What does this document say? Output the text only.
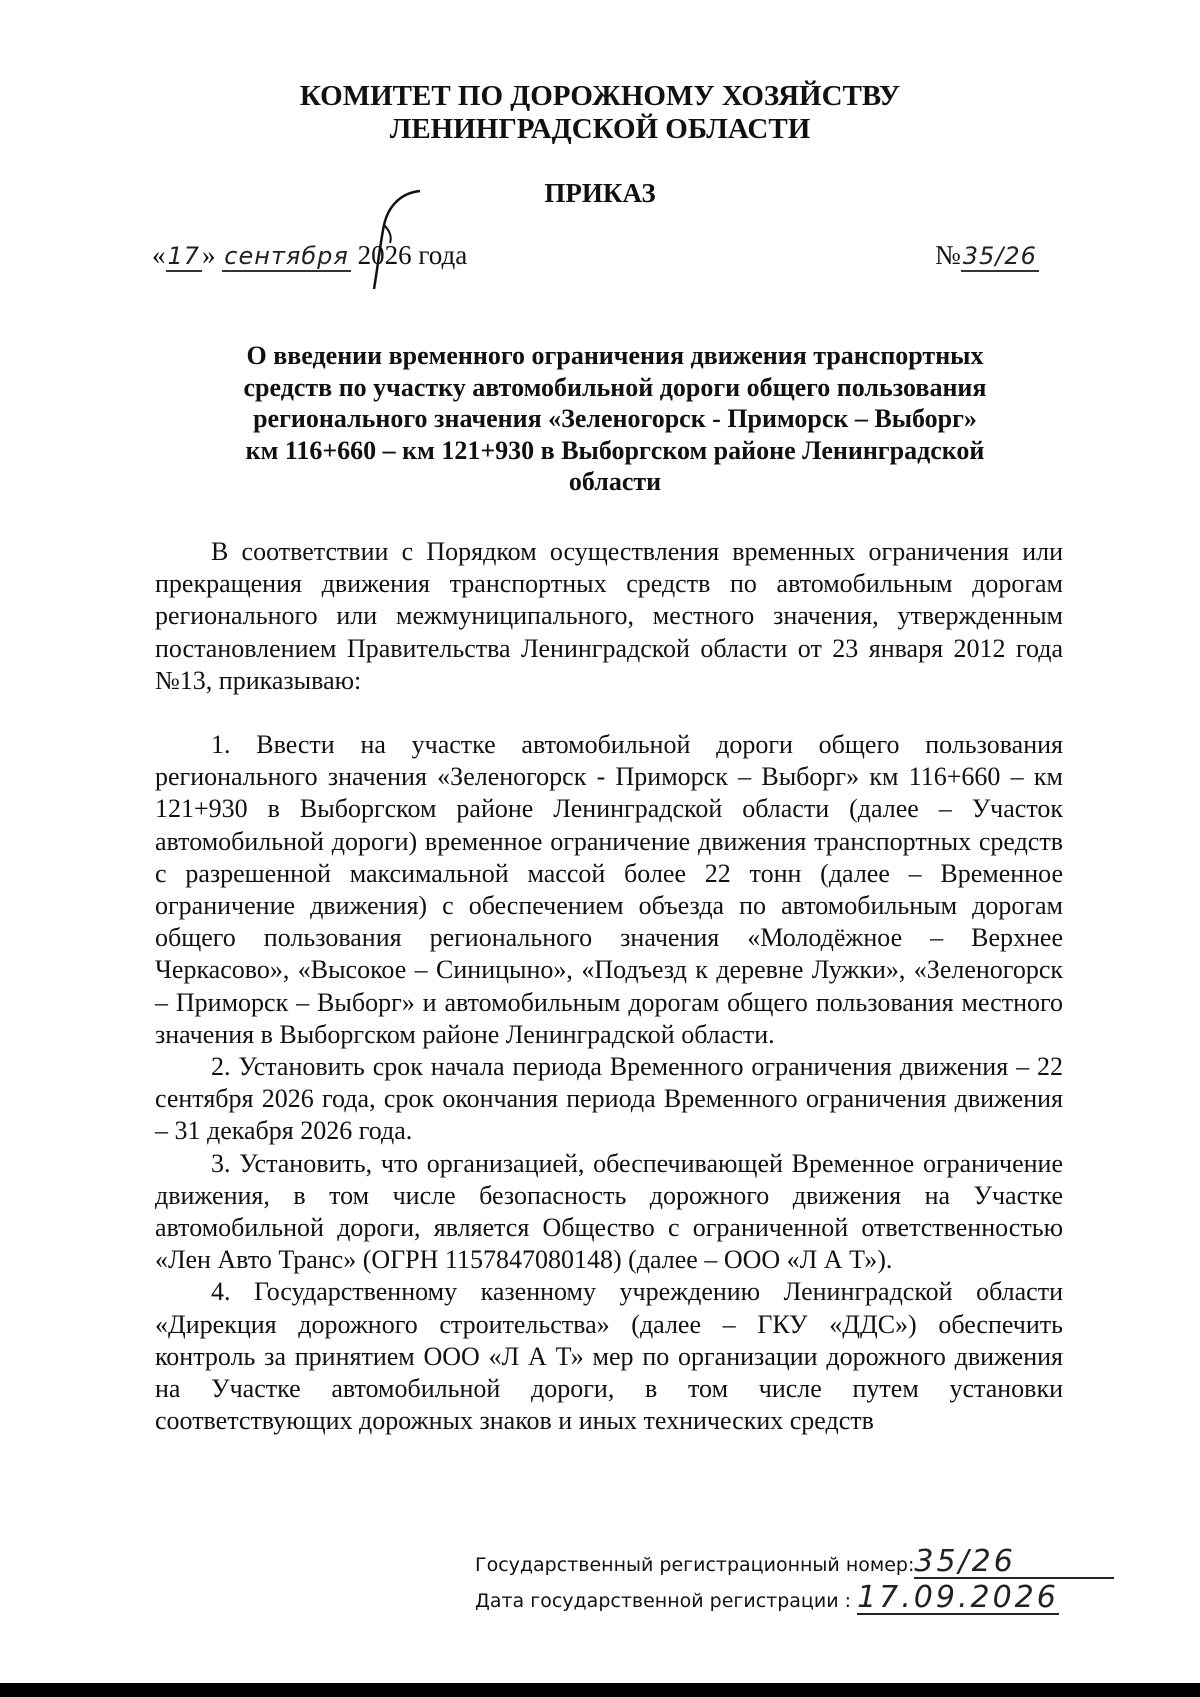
КОМИТЕТ ПО ДОРОЖНОМУ ХОЗЯЙСТВУ
ЛЕНИНГРАДСКОЙ ОБЛАСТИ
ПРИКАЗ
«17» сентября 2026 года	№35/26
О введении временного ограничения движения транспортных
средств по участку автомобильной дороги общего пользования
регионального значения «Зеленогорск - Приморск – Выборг»
км 116+660 – км 121+930 в Выборгском районе Ленинградской
области

В соответствии с Порядком осуществления временных ограничения или прекращения движения транспортных средств по автомобильным дорогам регионального или межмуниципального, местного значения, утвержденным постановлением Правительства Ленинградской области от 23 января 2012 года №13, приказываю:

1. Ввести на участке автомобильной дороги общего пользования регионального значения «Зеленогорск - Приморск – Выборг» км 116+660 – км 121+930 в Выборгском районе Ленинградской области (далее – Участок автомобильной дороги) временное ограничение движения транспортных средств с разрешенной максимальной массой более 22 тонн (далее – Временное ограничение движения) с обеспечением объезда по автомобильным дорогам общего пользования регионального значения «Молодёжное – Верхнее Черкасово», «Высокое – Синицыно», «Подъезд к деревне Лужки», «Зеленогорск – Приморск – Выборг» и автомобильным дорогам общего пользования местного значения в Выборгском районе Ленинградской области.

2. Установить срок начала периода Временного ограничения движения – 22 сентября 2026 года, срок окончания периода Временного ограничения движения – 31 декабря 2026 года.

3. Установить, что организацией, обеспечивающей Временное ограничение движения, в том числе безопасность дорожного движения на Участке автомобильной дороги, является Общество с ограниченной ответственностью «Лен Авто Транс» (ОГРН 1157847080148) (далее – ООО «Л А Т»).

4. Государственному казенному учреждению Ленинградской области «Дирекция дорожного строительства» (далее – ГКУ «ДДС») обеспечить контроль за принятием ООО «Л А Т» мер по организации дорожного движения на Участке автомобильной дороги, в том числе путем установки соответствующих дорожных знаков и иных технических средств

Государственный регистрационный номер:35/26
Дата государственной регистрации : 17.09.2026
